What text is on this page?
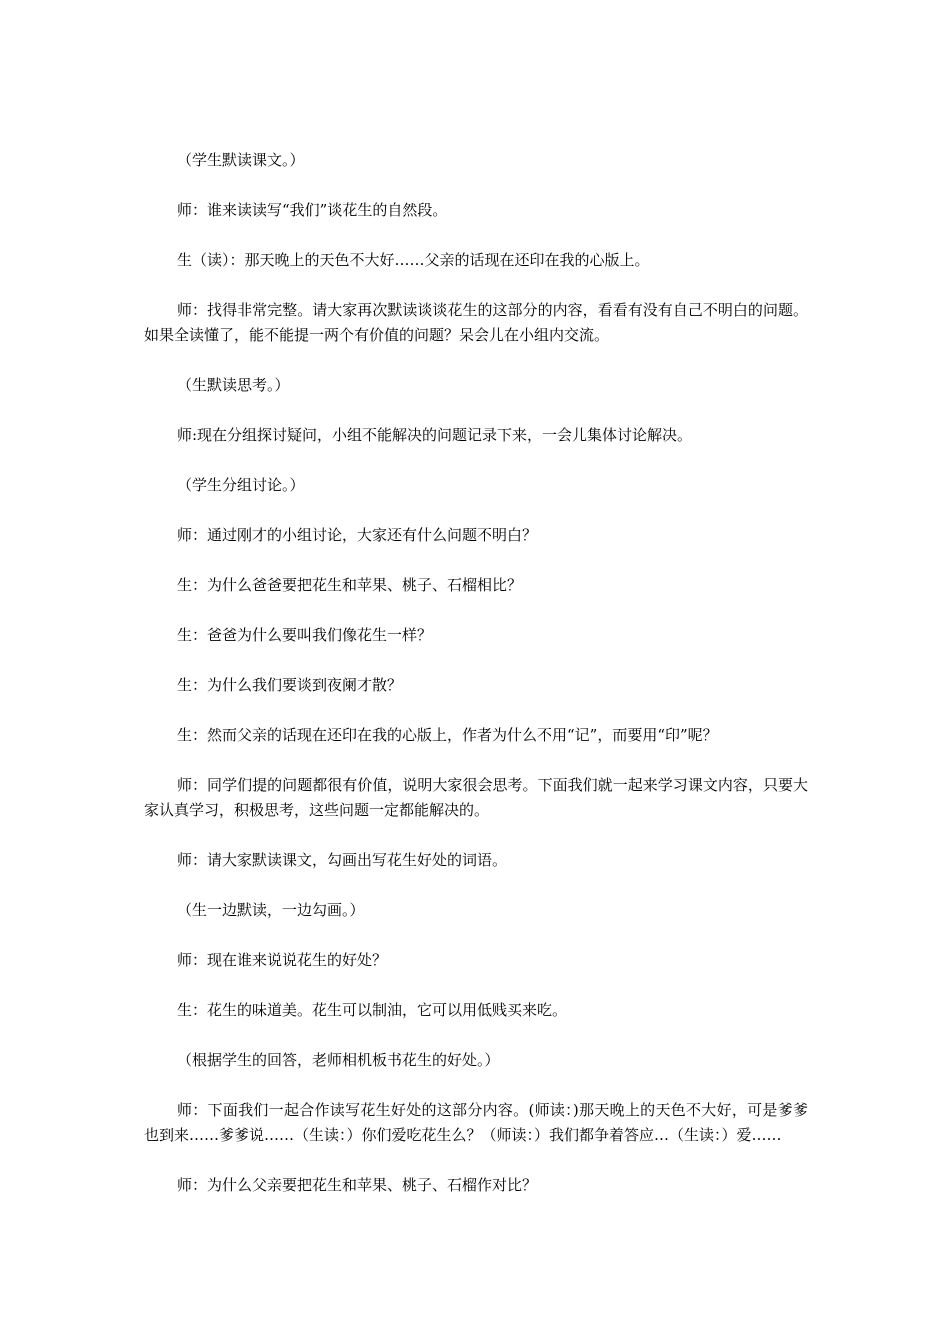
（学生默读课文。）

师：谁来读读写“我们”谈花生的自然段。

生（读）：那天晚上的天色不大好……父亲的话现在还印在我的心版上。

师：找得非常完整。请大家再次默读谈谈花生的这部分的内容，看看有没有自己不明白的问题。如果全读懂了，能不能提一两个有价值的问题？呆会儿在小组内交流。

（生默读思考。）

师:现在分组探讨疑问，小组不能解决的问题记录下来，一会儿集体讨论解决。

（学生分组讨论。）

师：通过刚才的小组讨论，大家还有什么问题不明白？

生：为什么爸爸要把花生和苹果、桃子、石榴相比？

生：爸爸为什么要叫我们像花生一样？

生：为什么我们要谈到夜阑才散？

生：然而父亲的话现在还印在我的心版上，作者为什么不用“记”，而要用“印”呢？

师：同学们提的问题都很有价值，说明大家很会思考。下面我们就一起来学习课文内容，只要大家认真学习，积极思考，这些问题一定都能解决的。

师：请大家默读课文，勾画出写花生好处的词语。

（生一边默读，一边勾画。）

师：现在谁来说说花生的好处？

生：花生的味道美。花生可以制油，它可以用低贱买来吃。

（根据学生的回答，老师相机板书花生的好处。）

师：下面我们一起合作读写花生好处的这部分内容。(师读：)那天晚上的天色不大好，可是爹爹也到来……爹爹说……（生读：）你们爱吃花生么？（师读：）我们都争着答应…（生读：）爱……

师：为什么父亲要把花生和苹果、桃子、石榴作对比？
